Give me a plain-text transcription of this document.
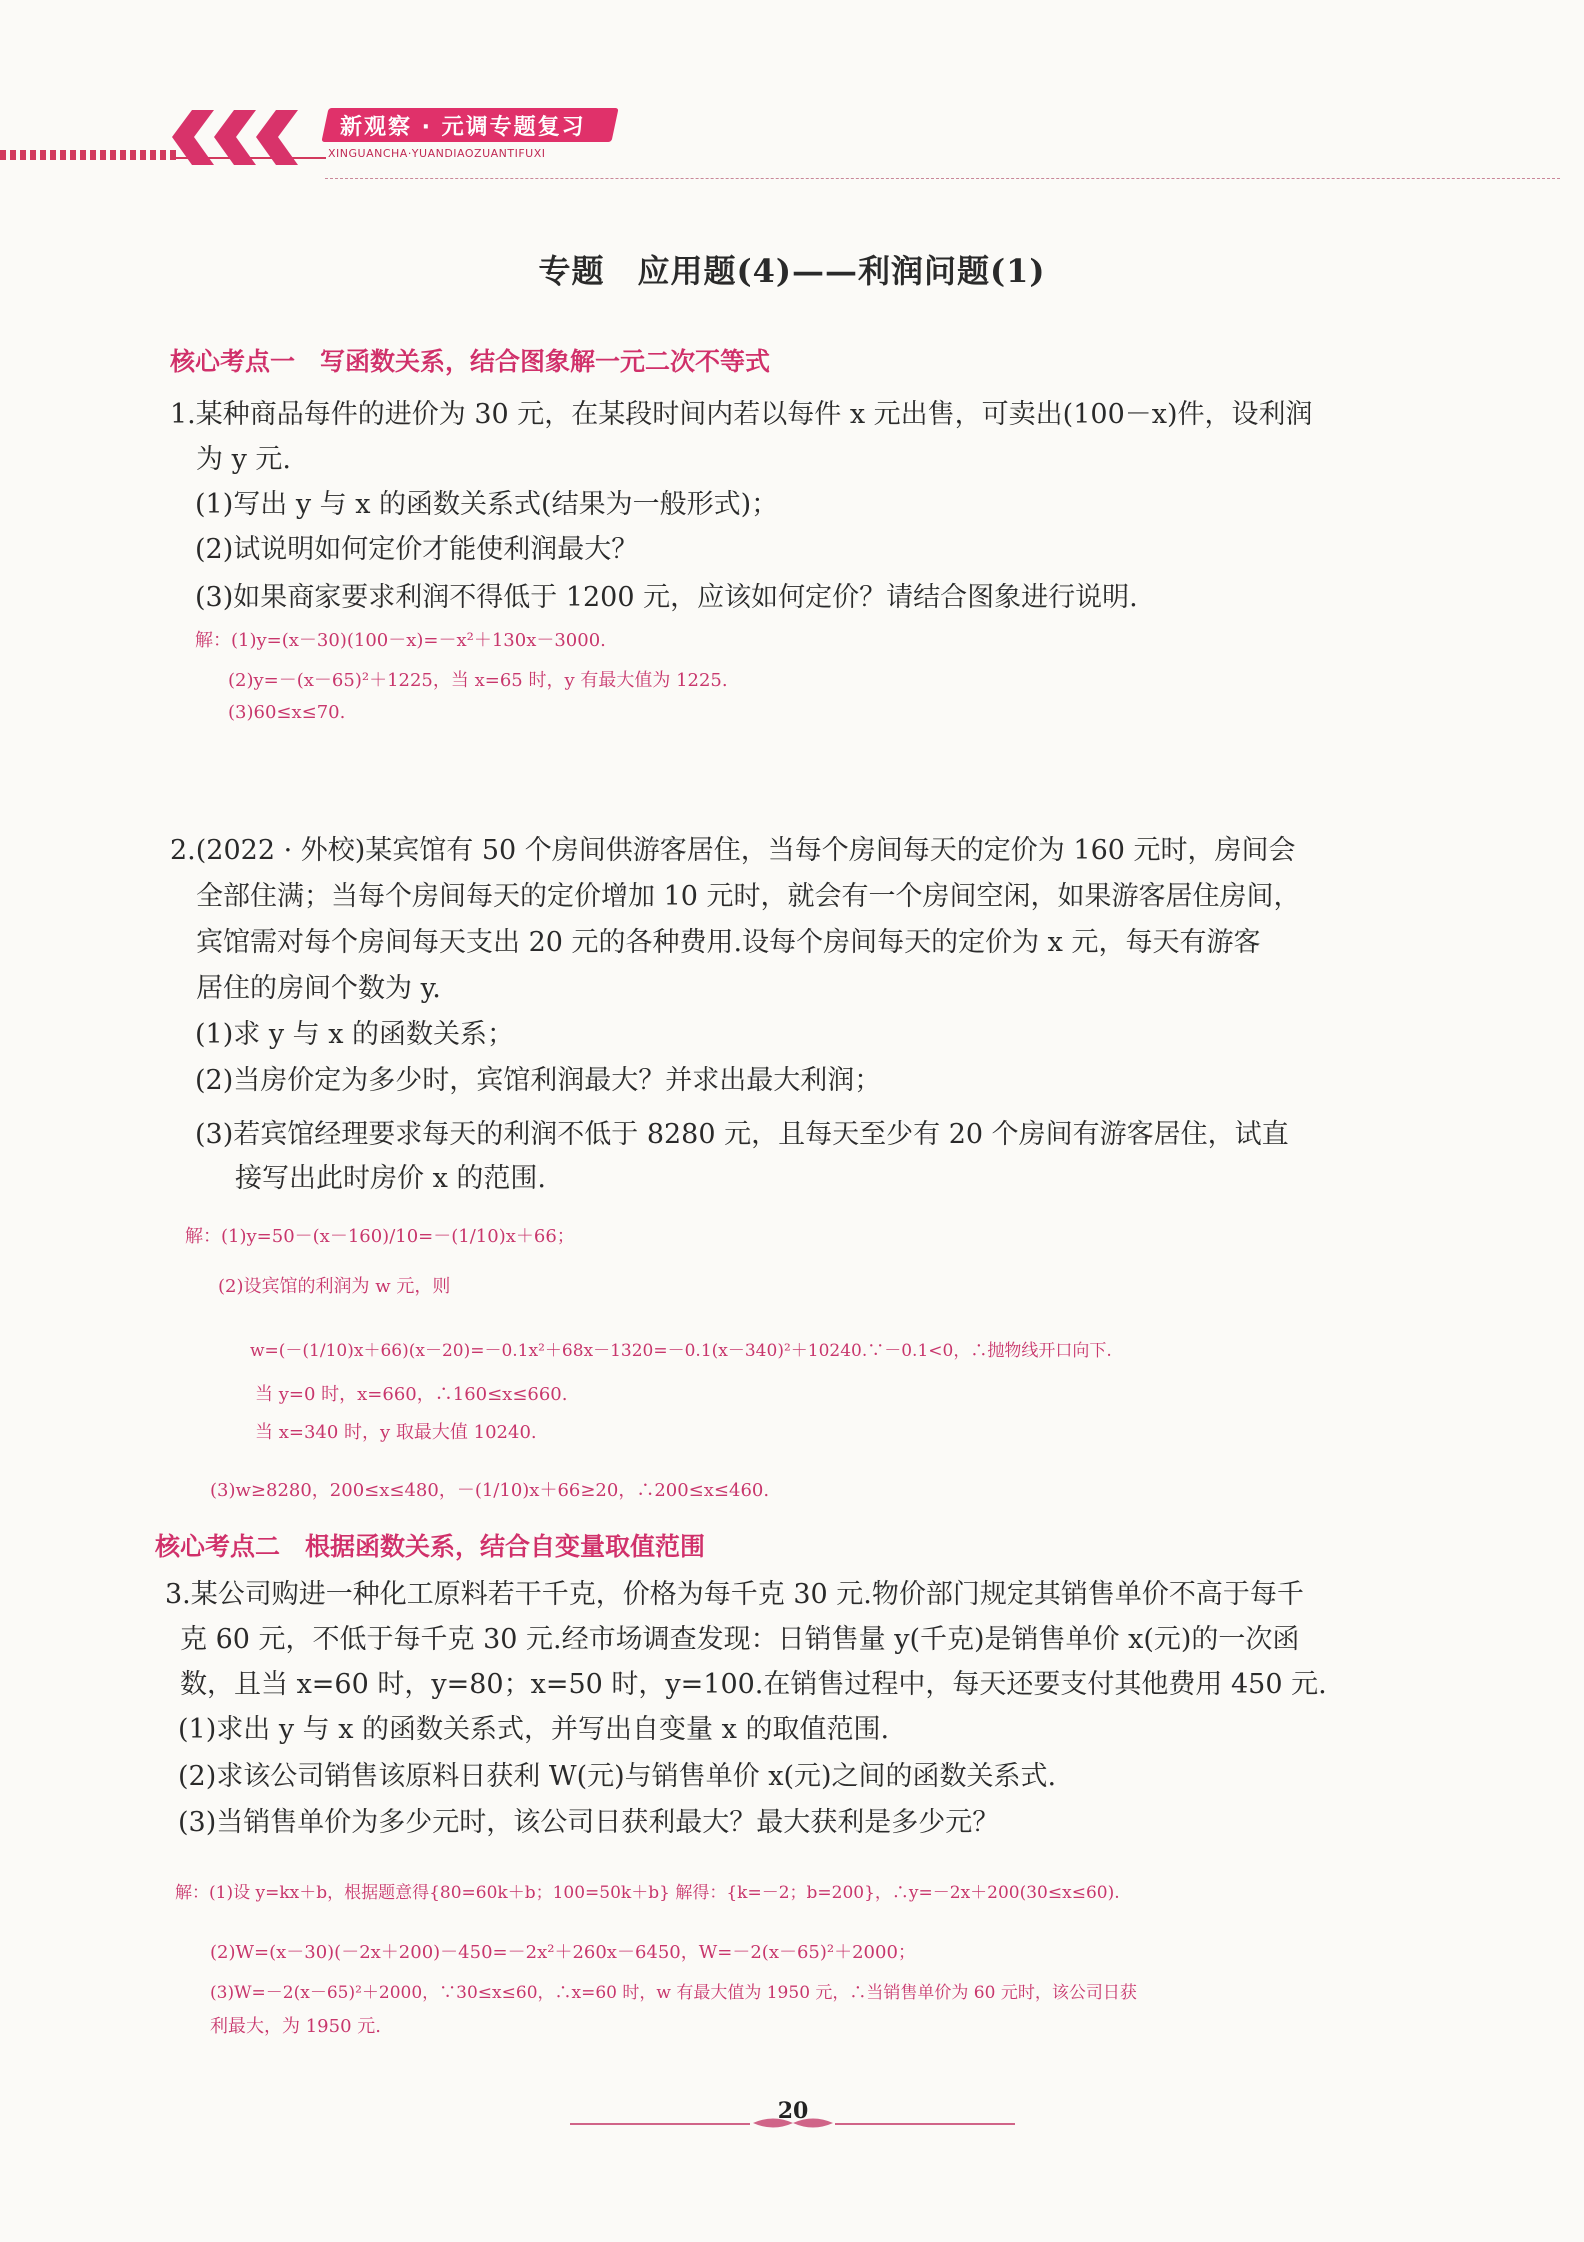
新观察 · 元调专题复习
XINGUANCHA·YUANDIAOZUANTIFUXI
专题　应用题(4)——利润问题(1)
核心考点一　写函数关系，结合图象解一元二次不等式
1.某种商品每件的进价为 30 元，在某段时间内若以每件 x 元出售，可卖出(100－x)件，设利润
为 y 元.
(1)写出 y 与 x 的函数关系式(结果为一般形式)；
(2)试说明如何定价才能使利润最大？
(3)如果商家要求利润不得低于 1200 元，应该如何定价？请结合图象进行说明.
解：(1)y=(x－30)(100－x)=－x²＋130x－3000.
(2)y=－(x－65)²＋1225，当 x=65 时，y 有最大值为 1225.
(3)60≤x≤70.
2.(2022 · 外校)某宾馆有 50 个房间供游客居住，当每个房间每天的定价为 160 元时，房间会
全部住满；当每个房间每天的定价增加 10 元时，就会有一个房间空闲，如果游客居住房间，
宾馆需对每个房间每天支出 20 元的各种费用.设每个房间每天的定价为 x 元，每天有游客
居住的房间个数为 y.
(1)求 y 与 x 的函数关系；
(2)当房价定为多少时，宾馆利润最大？并求出最大利润；
(3)若宾馆经理要求每天的利润不低于 8280 元，且每天至少有 20 个房间有游客居住，试直
接写出此时房价 x 的范围.
解：(1)y=50－(x－160)/10=－(1/10)x＋66；
(2)设宾馆的利润为 w 元，则
w=(－(1/10)x＋66)(x－20)=－0.1x²＋68x－1320=－0.1(x－340)²＋10240.∵－0.1<0，∴抛物线开口向下.
当 y=0 时，x=660，∴160≤x≤660.
当 x=340 时，y 取最大值 10240.
(3)w≥8280，200≤x≤480，－(1/10)x＋66≥20，∴200≤x≤460.
核心考点二　根据函数关系，结合自变量取值范围
3.某公司购进一种化工原料若干千克，价格为每千克 30 元.物价部门规定其销售单价不高于每千
克 60 元，不低于每千克 30 元.经市场调查发现：日销售量 y(千克)是销售单价 x(元)的一次函
数，且当 x=60 时，y=80；x=50 时，y=100.在销售过程中，每天还要支付其他费用 450 元.
(1)求出 y 与 x 的函数关系式，并写出自变量 x 的取值范围.
(2)求该公司销售该原料日获利 W(元)与销售单价 x(元)之间的函数关系式.
(3)当销售单价为多少元时，该公司日获利最大？最大获利是多少元？
解：(1)设 y=kx＋b，根据题意得{80=60k＋b；100=50k＋b} 解得：{k=－2；b=200}，∴y=－2x＋200(30≤x≤60).
(2)W=(x－30)(－2x＋200)－450=－2x²＋260x－6450，W=－2(x－65)²＋2000；
(3)W=－2(x－65)²＋2000，∵30≤x≤60，∴x=60 时，w 有最大值为 1950 元，∴当销售单价为 60 元时，该公司日获
利最大，为 1950 元.
20
